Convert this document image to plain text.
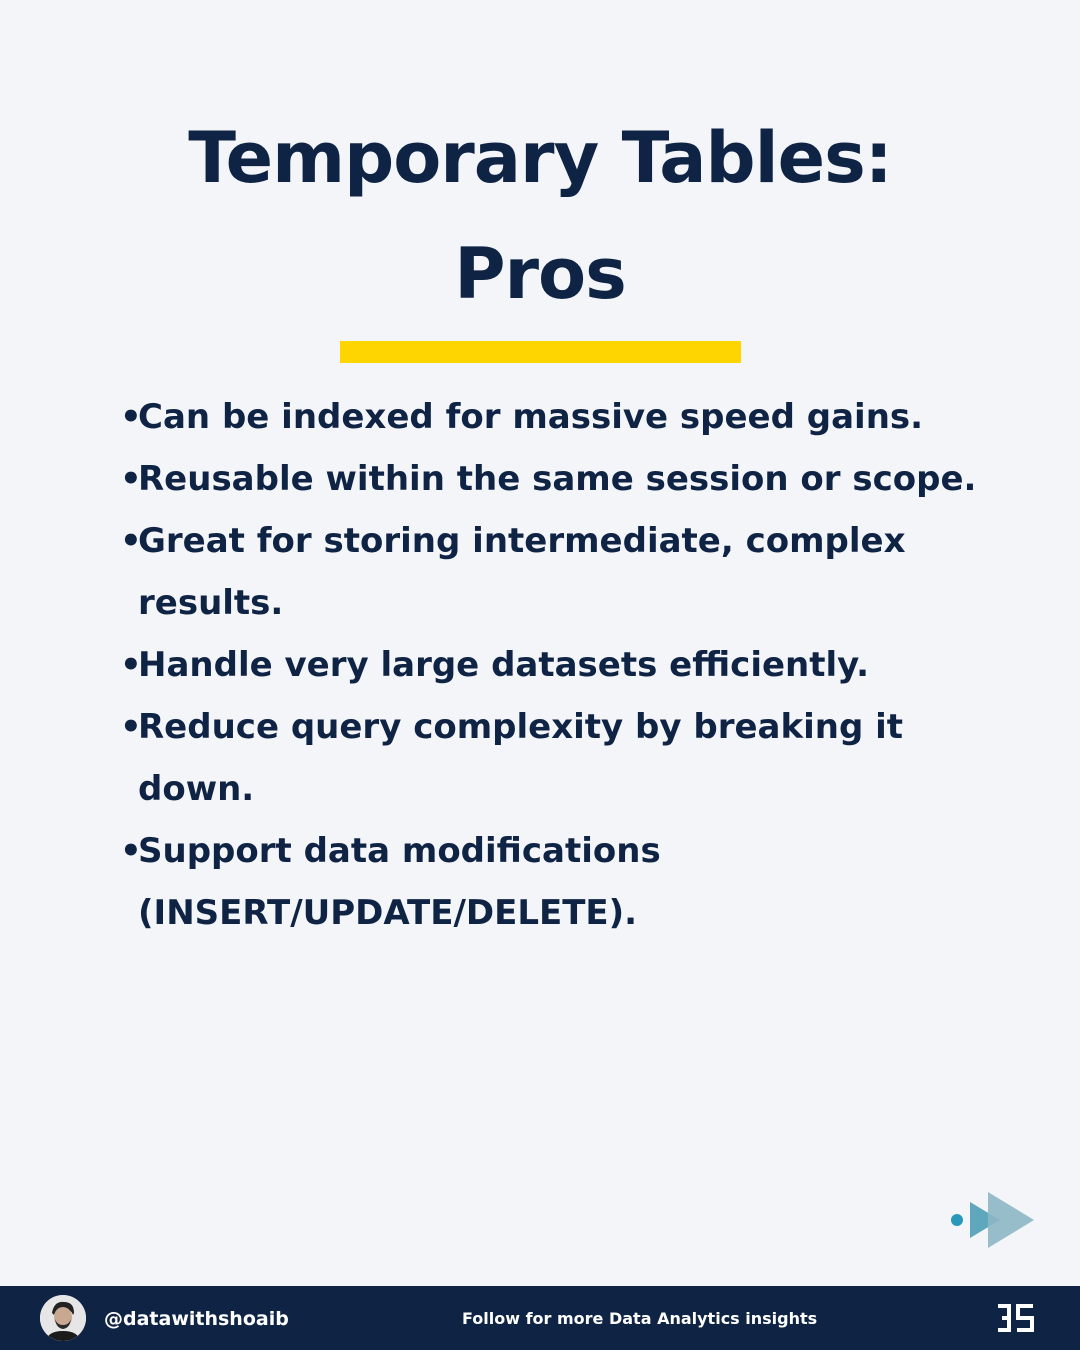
Temporary Tables:
Pros
•
Can be indexed for massive speed gains.
•
Reusable within the same session or scope.
•
Great for storing intermediate, complex results.
•
Handle very large datasets efficiently.
•
Reduce query complexity by breaking it down.
•
Support data modifications (INSERT/UPDATE/DELETE).
@datawithshoaib	Follow for more Data Analytics insights
